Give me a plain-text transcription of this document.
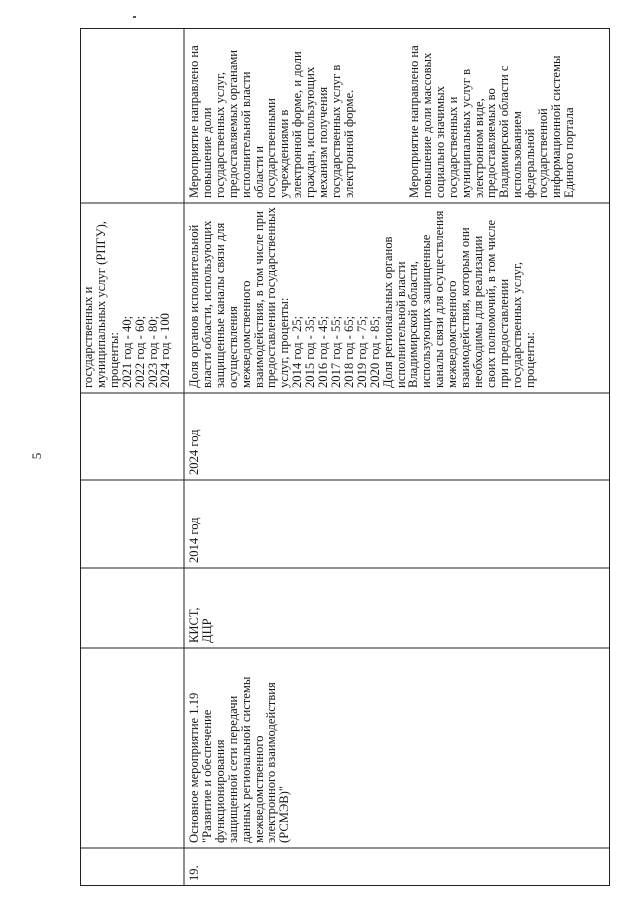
5
Мероприятие направлено на
повышение доли
государственных услуг,
предоставляемых органами
исполнительной власти
области и
государственными
учреждениями в
электронной форме, и доли
граждан, использующих
механизм получения
государственных услуг в
электронной форме.
государственных и
муниципальных услуг (РПГУ),
проценты:
2021 год - 40;
2022 год - 60;
2023 год - 80;
2024 год - 100
Мероприятие направлено на
повышение доли массовых
социально значимых
государственных и
муниципальных услуг в
электронном виде,
предоставляемых во
Владимирской области с
использованием
федеральной
государственной
информационной системы
Единого портала
Доля органов исполнительной
власти области, использующих
защищенные каналы связи для
осуществления
межведомственного
взаимодействия, в том числе при
предоставлении государственных
услуг, проценты:
2014 год - 25;
2015 год - 35;
2016 год - 45;
2017 год - 55;
2018 год - 65;
2019 год - 75;
2020 год - 85;
Доля региональных органов
исполнительной власти
Владимирской области,
использующих защищенные
каналы связи для осуществления
межведомственного
взаимодействия, которым они
необходимы для реализации
своих полномочий, в том числе
при предоставлении
государственных услуг,
проценты:
2024 год
2014 год
КИСТ,
ДЦР
Основное мероприятие 1.19
"Развитие и обеспечение
функционирования
защищенной сети передачи
данных региональной системы
межведомственного
электронного взаимодействия
(РСМЭВ)"
19.
